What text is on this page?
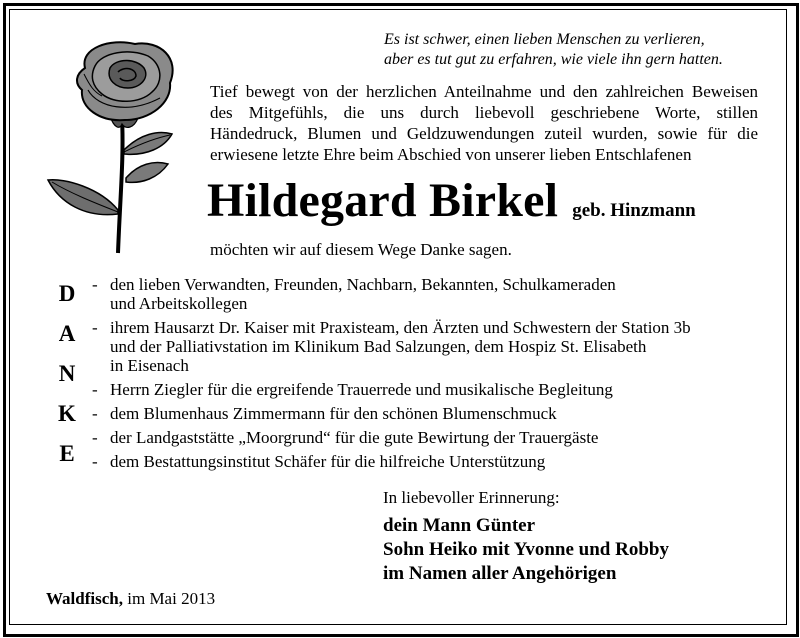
Es ist schwer, einen lieben Menschen zu verlieren,
aber es tut gut zu erfahren, wie viele ihn gern hatten.
Tief bewegt von der herzlichen Anteilnahme und den zahlreichen Beweisen
des Mitgefühls, die uns durch liebevoll geschriebene Worte, stillen
Händedruck, Blumen und Geldzuwendungen zuteil wurden, sowie für die
erwiesene letzte Ehre beim Abschied von unserer lieben Entschlafenen
Hildegard Birkel geb. Hinzmann
möchten wir auf diesem Wege Danke sagen.
D
A
N
K
E
- den lieben Verwandten, Freunden, Nachbarn, Bekannten, Schulkameraden
und Arbeitskollegen
- ihrem Hausarzt Dr. Kaiser mit Praxisteam, den Ärzten und Schwestern der Station 3b
und der Palliativstation im Klinikum Bad Salzungen, dem Hospiz St. Elisabeth
in Eisenach
- Herrn Ziegler für die ergreifende Trauerrede und musikalische Begleitung
- dem Blumenhaus Zimmermann für den schönen Blumenschmuck
- der Landgaststätte „Moorgrund“ für die gute Bewirtung der Trauergäste
- dem Bestattungsinstitut Schäfer für die hilfreiche Unterstützung
In liebevoller Erinnerung:
dein Mann Günter
Sohn Heiko mit Yvonne und Robby
im Namen aller Angehörigen
Waldfisch, im Mai 2013
